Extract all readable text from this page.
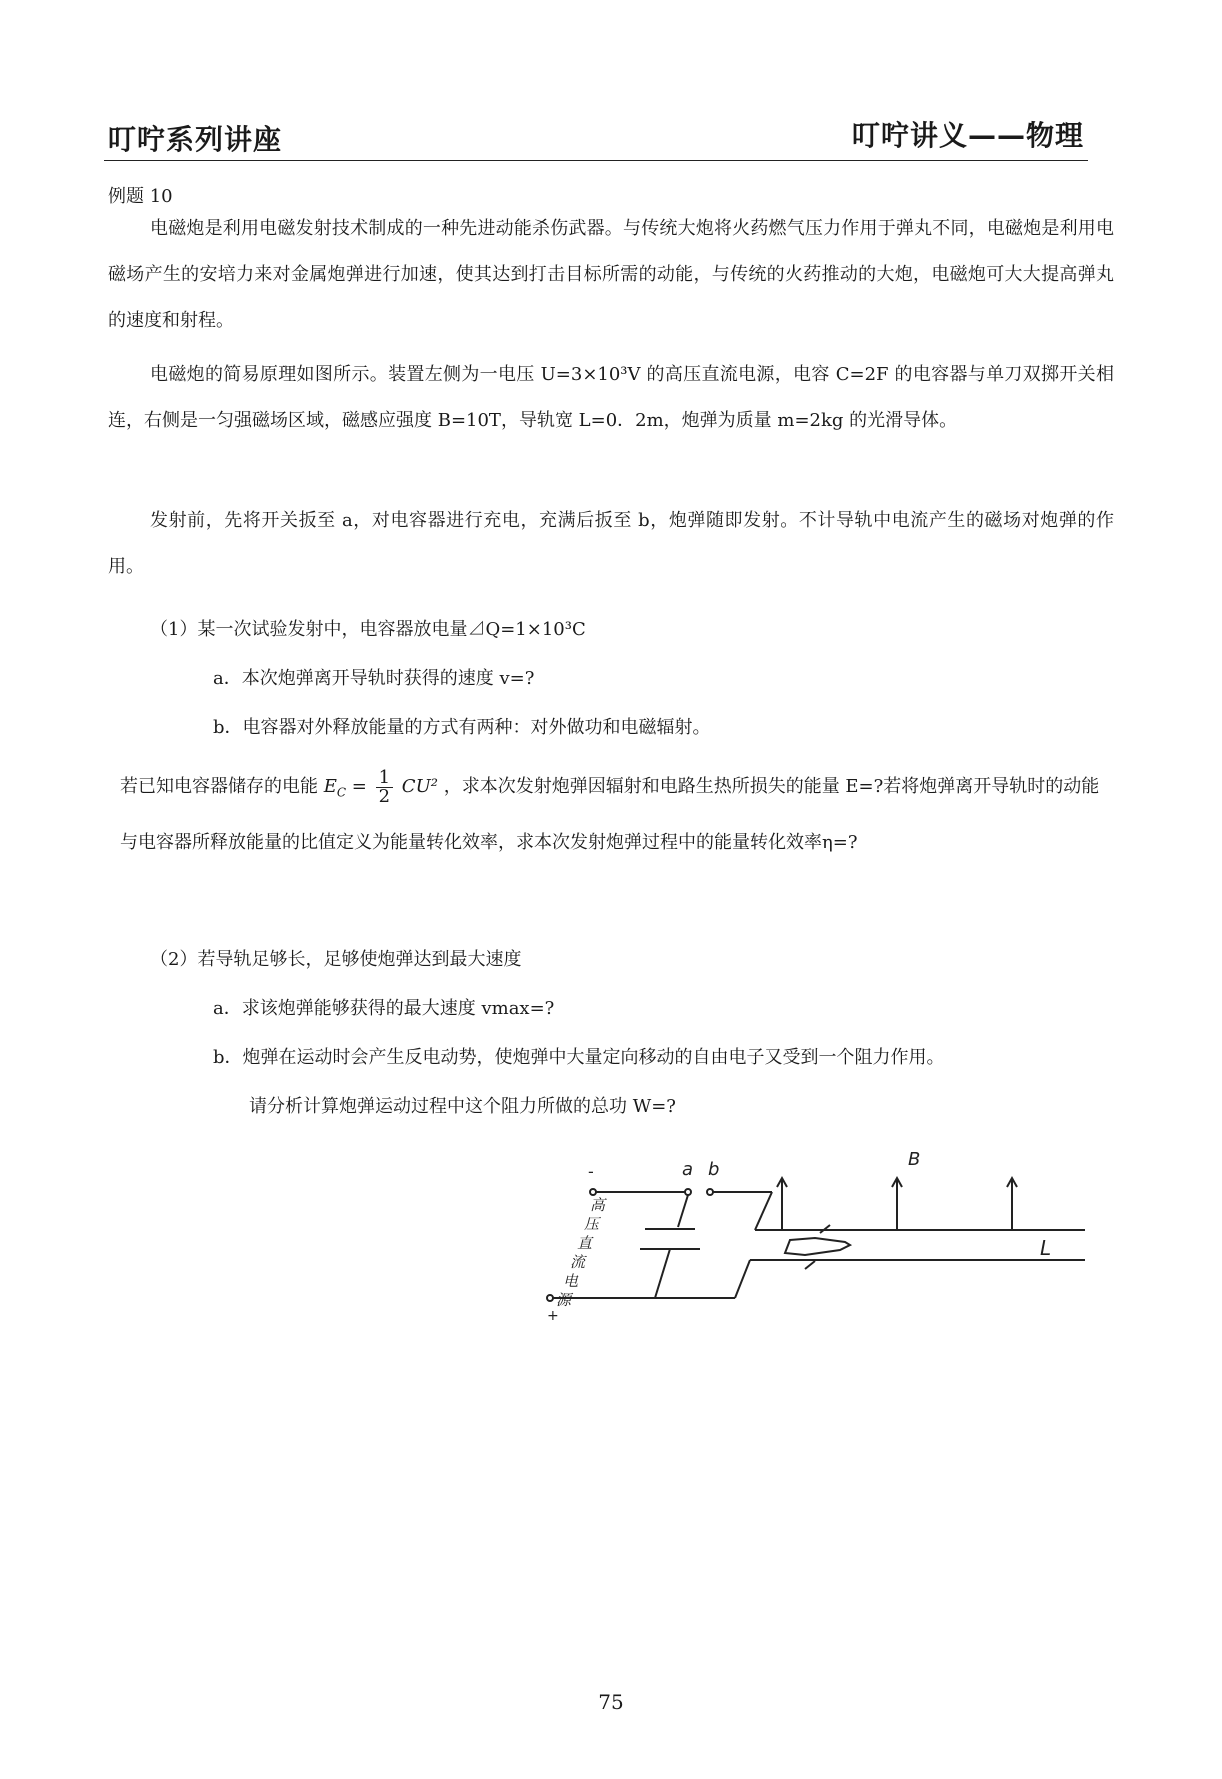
叮咛系列讲座	叮咛讲义——物理
例题 10

电磁炮是利用电磁发射技术制成的一种先进动能杀伤武器。与传统大炮将火药燃气压力作用于弹丸不同，电磁炮是利用电磁场产生的安培力来对金属炮弹进行加速，使其达到打击目标所需的动能，与传统的火药推动的大炮，电磁炮可大大提高弹丸的速度和射程。

电磁炮的简易原理如图所示。装置左侧为一电压 U=3×10³V 的高压直流电源，电容 C=2F 的电容器与单刀双掷开关相连，右侧是一匀强磁场区域，磁感应强度 B=10T，导轨宽 L=0．2m，炮弹为质量 m=2kg 的光滑导体。

发射前，先将开关扳至 a，对电容器进行充电，充满后扳至 b，炮弹随即发射。不计导轨中电流产生的磁场对炮弹的作用。

（1）某一次试验发射中，电容器放电量⊿Q=1×10³C

a．本次炮弹离开导轨时获得的速度 v=?

b．电容器对外释放能量的方式有两种：对外做功和电磁辐射。

若已知电容器储存的电能 $E_C = \frac{1}{2} CU^2$ ，求本次发射炮弹因辐射和电路生热所损失的能量 E=?若将炮弹离开导轨时的动能与电容器所释放能量的比值定义为能量转化效率，求本次发射炮弹过程中的能量转化效率η=?

（2）若导轨足够长，足够使炮弹达到最大速度

a．求该炮弹能够获得的最大速度 vmax=?

b．炮弹在运动时会产生反电动势，使炮弹中大量定向移动的自由电子又受到一个阻力作用。

请分析计算炮弹运动过程中这个阻力所做的总功 W=?

-	a b	B
L
+
高
压
直
流
电
源
75
